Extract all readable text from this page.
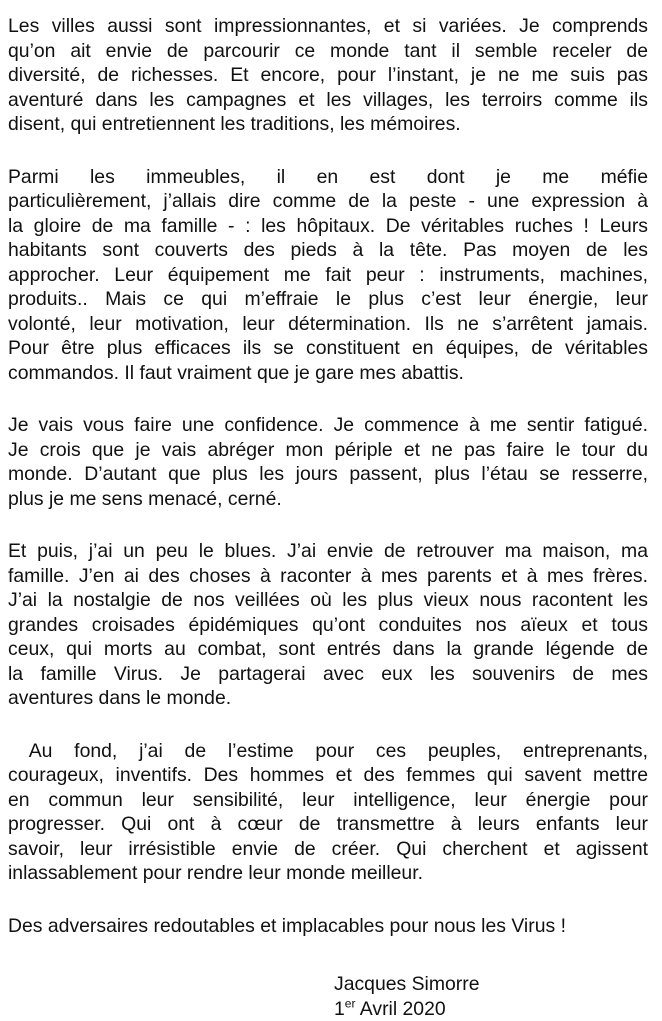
Les villes aussi sont impressionnantes, et si variées. Je comprends
qu’on ait envie de parcourir ce monde tant il semble receler de
diversité, de richesses. Et encore, pour l’instant, je ne me suis pas
aventuré dans les campagnes et les villages, les terroirs comme ils
disent, qui entretiennent les traditions, les mémoires.
Parmi les immeubles, il en est dont je me méfie
particulièrement, j’allais dire comme de la peste - une expression à
la gloire de ma famille - : les hôpitaux. De véritables ruches ! Leurs
habitants sont couverts des pieds à la tête. Pas moyen de les
approcher. Leur équipement me fait peur : instruments, machines,
produits.. Mais ce qui m’effraie le plus c’est leur énergie, leur
volonté, leur motivation, leur détermination. Ils ne s’arrêtent jamais.
Pour être plus efficaces ils se constituent en équipes, de véritables
commandos. Il faut vraiment que je gare mes abattis.
Je vais vous faire une confidence. Je commence à me sentir fatigué.
Je crois que je vais abréger mon périple et ne pas faire le tour du
monde. D’autant que plus les jours passent, plus l’étau se resserre,
plus je me sens menacé, cerné.
Et puis, j’ai un peu le blues. J’ai envie de retrouver ma maison, ma
famille. J’en ai des choses à raconter à mes parents et à mes frères.
J’ai la nostalgie de nos veillées où les plus vieux nous racontent les
grandes croisades épidémiques qu’ont conduites nos aïeux et tous
ceux, qui morts au combat, sont entrés dans la grande légende de
la famille Virus. Je partagerai avec eux les souvenirs de mes
aventures dans le monde.
Au fond, j’ai de l’estime pour ces peuples, entreprenants,
courageux, inventifs. Des hommes et des femmes qui savent mettre
en commun leur sensibilité, leur intelligence, leur énergie pour
progresser. Qui ont à cœur de transmettre à leurs enfants leur
savoir, leur irrésistible envie de créer. Qui cherchent et agissent
inlassablement pour rendre leur monde meilleur.
Des adversaires redoutables et implacables pour nous les Virus !
Jacques Simorre
1er Avril 2020
